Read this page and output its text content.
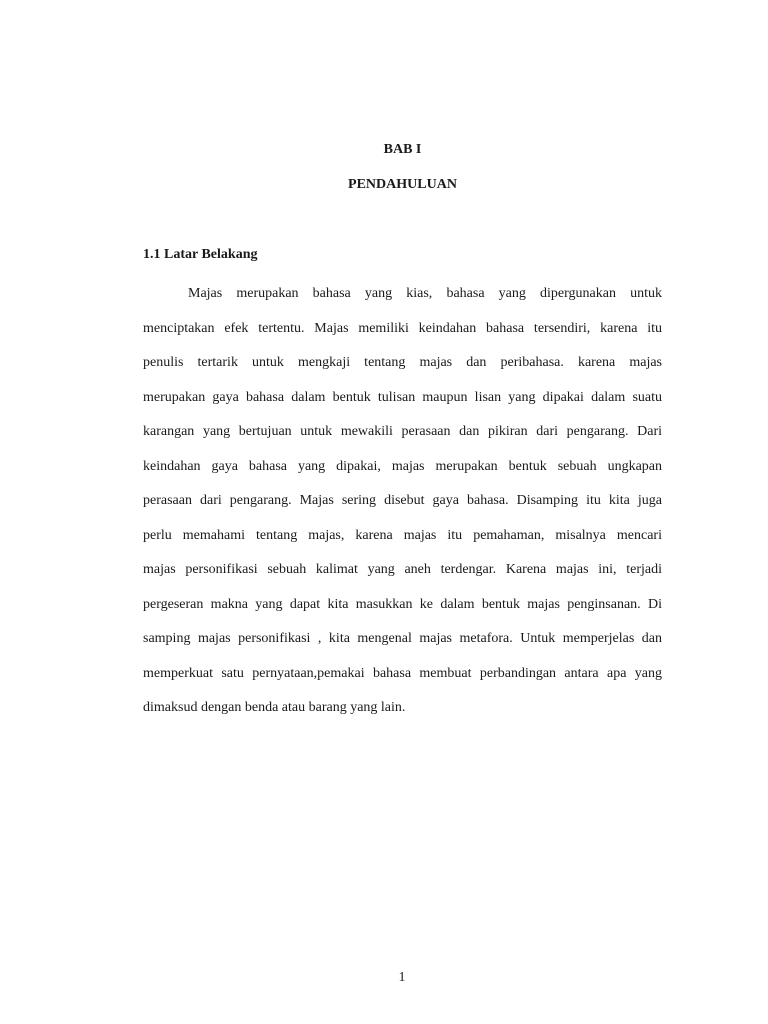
BAB I
PENDAHULUAN
1.1 Latar Belakang
Majas merupakan bahasa yang kias, bahasa yang dipergunakan untuk
menciptakan efek tertentu. Majas memiliki keindahan bahasa tersendiri, karena itu
penulis tertarik untuk mengkaji tentang majas dan peribahasa. karena majas
merupakan gaya bahasa dalam bentuk tulisan maupun lisan yang dipakai dalam suatu
karangan yang bertujuan untuk mewakili perasaan dan pikiran dari pengarang. Dari
keindahan gaya bahasa yang dipakai, majas merupakan bentuk sebuah ungkapan
perasaan dari pengarang. Majas sering disebut gaya bahasa. Disamping itu kita juga
perlu memahami tentang majas, karena majas itu pemahaman, misalnya mencari
majas personifikasi sebuah kalimat yang aneh terdengar. Karena majas ini, terjadi
pergeseran makna yang dapat kita masukkan ke dalam bentuk majas penginsanan. Di
samping majas personifikasi , kita mengenal majas metafora. Untuk memperjelas dan
memperkuat satu pernyataan,pemakai bahasa membuat perbandingan antara apa yang
dimaksud dengan benda atau barang yang lain.
1
